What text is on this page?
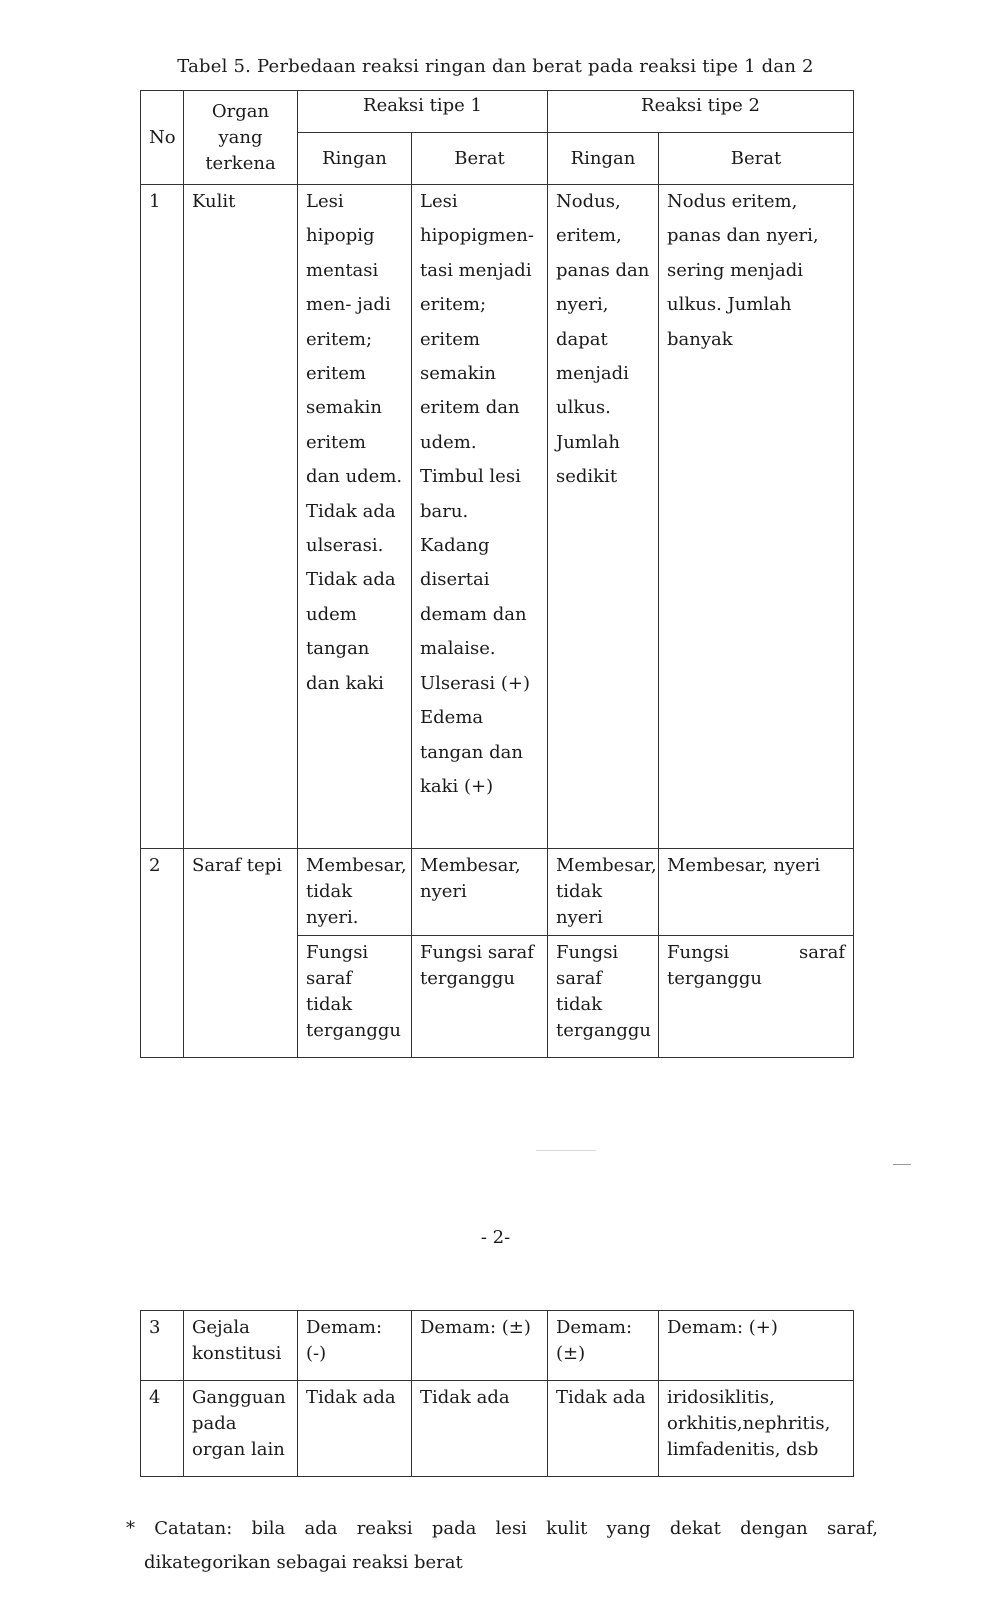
Tabel 5. Perbedaan reaksi ringan dan berat pada reaksi tipe 1 dan 2
No	Organ yang terkena	Reaksi tipe 1		Reaksi tipe 2	
		Ringan	Berat	Ringan	Berat
1	Kulit	Lesi hipopig mentasi men- jadi eritem; eritem semakin eritem dan udem. Tidak ada ulserasi. Tidak ada udem tangan dan kaki	Lesi hipopigmen- tasi menjadi eritem; eritem semakin eritem dan udem. Timbul lesi baru. Kadang disertai demam dan malaise. Ulserasi (+) Edema tangan dan kaki (+)	Nodus, eritem, panas dan nyeri, dapat menjadi ulkus. Jumlah sedikit	Nodus eritem, panas dan nyeri, sering menjadi ulkus. Jumlah banyak
2	Saraf tepi	Membesar, tidak nyeri.	Membesar, nyeri	Membesar, tidak nyeri	Membesar, nyeri
		Fungsi saraf tidak terganggu	Fungsi saraf terganggu	Fungsi saraf tidak terganggu	Fungsi saraf terganggu
- 2-
3	Gejala konstitusi	Demam: (-)	Demam: (±)	Demam: (±)	Demam: (+)
4	Gangguan pada organ lain	Tidak ada	Tidak ada	Tidak ada	iridosiklitis, orkhitis,nephritis, limfadenitis, dsb
* Catatan: bila ada reaksi pada lesi kulit yang dekat dengan saraf,
dikategorikan sebagai reaksi berat
